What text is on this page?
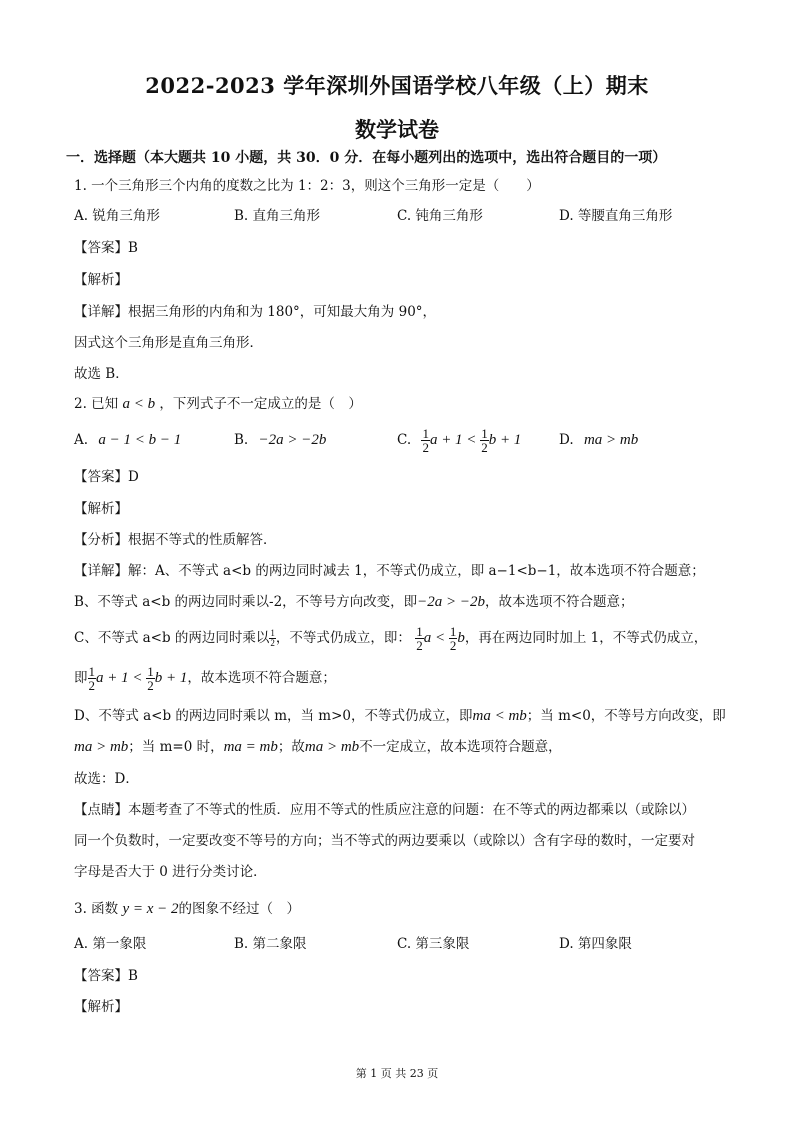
2022-2023 学年深圳外国语学校八年级（上）期末
数学试卷
一．选择题（本大题共 10 小题，共 30．0 分．在每小题列出的选项中，选出符合题目的一项）
1. 一个三角形三个内角的度数之比为 1：2：3，则这个三角形一定是（　　）
A. 锐角三角形	B. 直角三角形	C. 钝角三角形	D. 等腰直角三角形
【答案】B
【解析】
【详解】根据三角形的内角和为 180°，可知最大角为 90°，
因式这个三角形是直角三角形．
故选 B．
2. 已知 a < b ，下列式子不一定成立的是（　）
A. a − 1 < b − 1	B. −2a > −2b	C. $\frac{1}{2}$ $a + 1 < \frac{1}{2}$ b + 1	D. ma > mb
【答案】D
【解析】
【分析】根据不等式的性质解答．
【详解】解：A、不等式 a<b 的两边同时减去 1，不等式仍成立，即 a−1<b−1，故本选项不符合题意；
B、不等式 a<b 的两边同时乘以-2，不等号方向改变，即−2a > −2b，故本选项不符合题意；
C、不等式 a<b 的两边同时乘以 $\frac{1}{2}$ ，不等式仍成立，即： $\frac{1}{2}$ $a < \frac{1}{2}$ b，再在两边同时加上 1，不等式仍成立，
即 $\frac{1}{2}$ $a + 1 < \frac{1}{2}$ b + 1，故本选项不符合题意；
D、不等式 a<b 的两边同时乘以 m，当 m>0，不等式仍成立，即ma < mb；当 m<0，不等号方向改变，即
ma > mb；当 m=0 时，ma = mb；故ma > mb不一定成立，故本选项符合题意，
故选：D．
【点睛】本题考查了不等式的性质．应用不等式的性质应注意的问题：在不等式的两边都乘以（或除以）
同一个负数时，一定要改变不等号的方向；当不等式的两边要乘以（或除以）含有字母的数时，一定要对
字母是否大于 0 进行分类讨论．
3. 函数 y = x − 2的图象不经过（　）
A. 第一象限	B. 第二象限	C. 第三象限	D. 第四象限
【答案】B
【解析】
第 1 页 共 23 页
